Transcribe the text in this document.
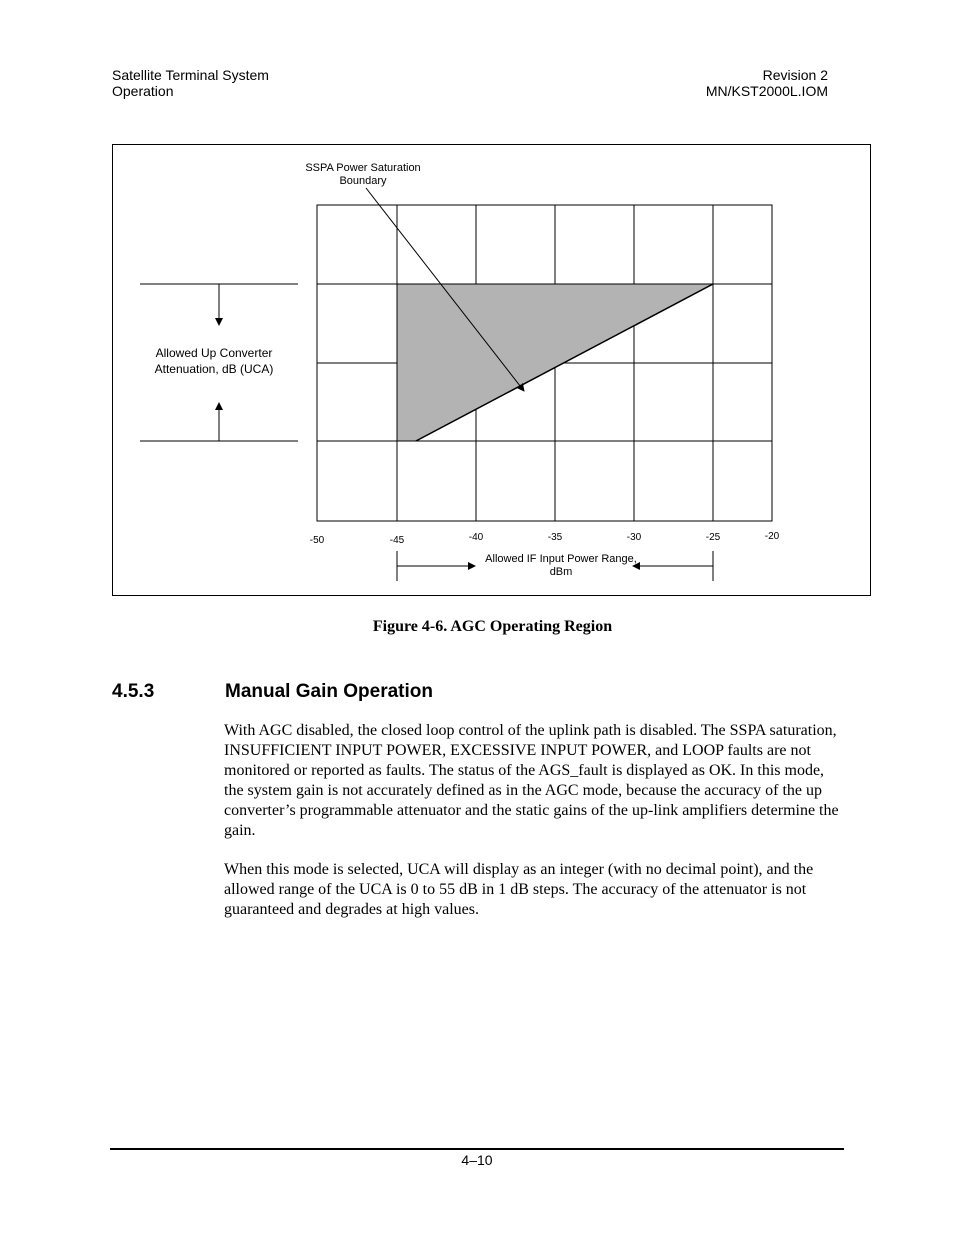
Satellite Terminal System
Operation
Revision 2
MN/KST2000L.IOM
-50	-45	-40	-35	-30	-25	-20
SSPA Power Saturation
Boundary
Allowed Up Converter
Attenuation, dB (UCA)
Allowed IF Input Power Range,
dBm
Figure 4-6. AGC Operating Region
4.5.3	Manual Gain Operation

With AGC disabled, the closed loop control of the uplink path is disabled. The SSPA saturation, INSUFFICIENT INPUT POWER, EXCESSIVE INPUT POWER, and LOOP faults are not monitored or reported as faults. The status of the AGS_fault is displayed as OK. In this mode, the system gain is not accurately defined as in the AGC mode, because the accuracy of the up converter’s programmable attenuator and the static gains of the up-link amplifiers determine the gain.

When this mode is selected, UCA will display as an integer (with no decimal point), and the allowed range of the UCA is 0 to 55 dB in 1 dB steps. The accuracy of the attenuator is not guaranteed and degrades at high values.

4–10
